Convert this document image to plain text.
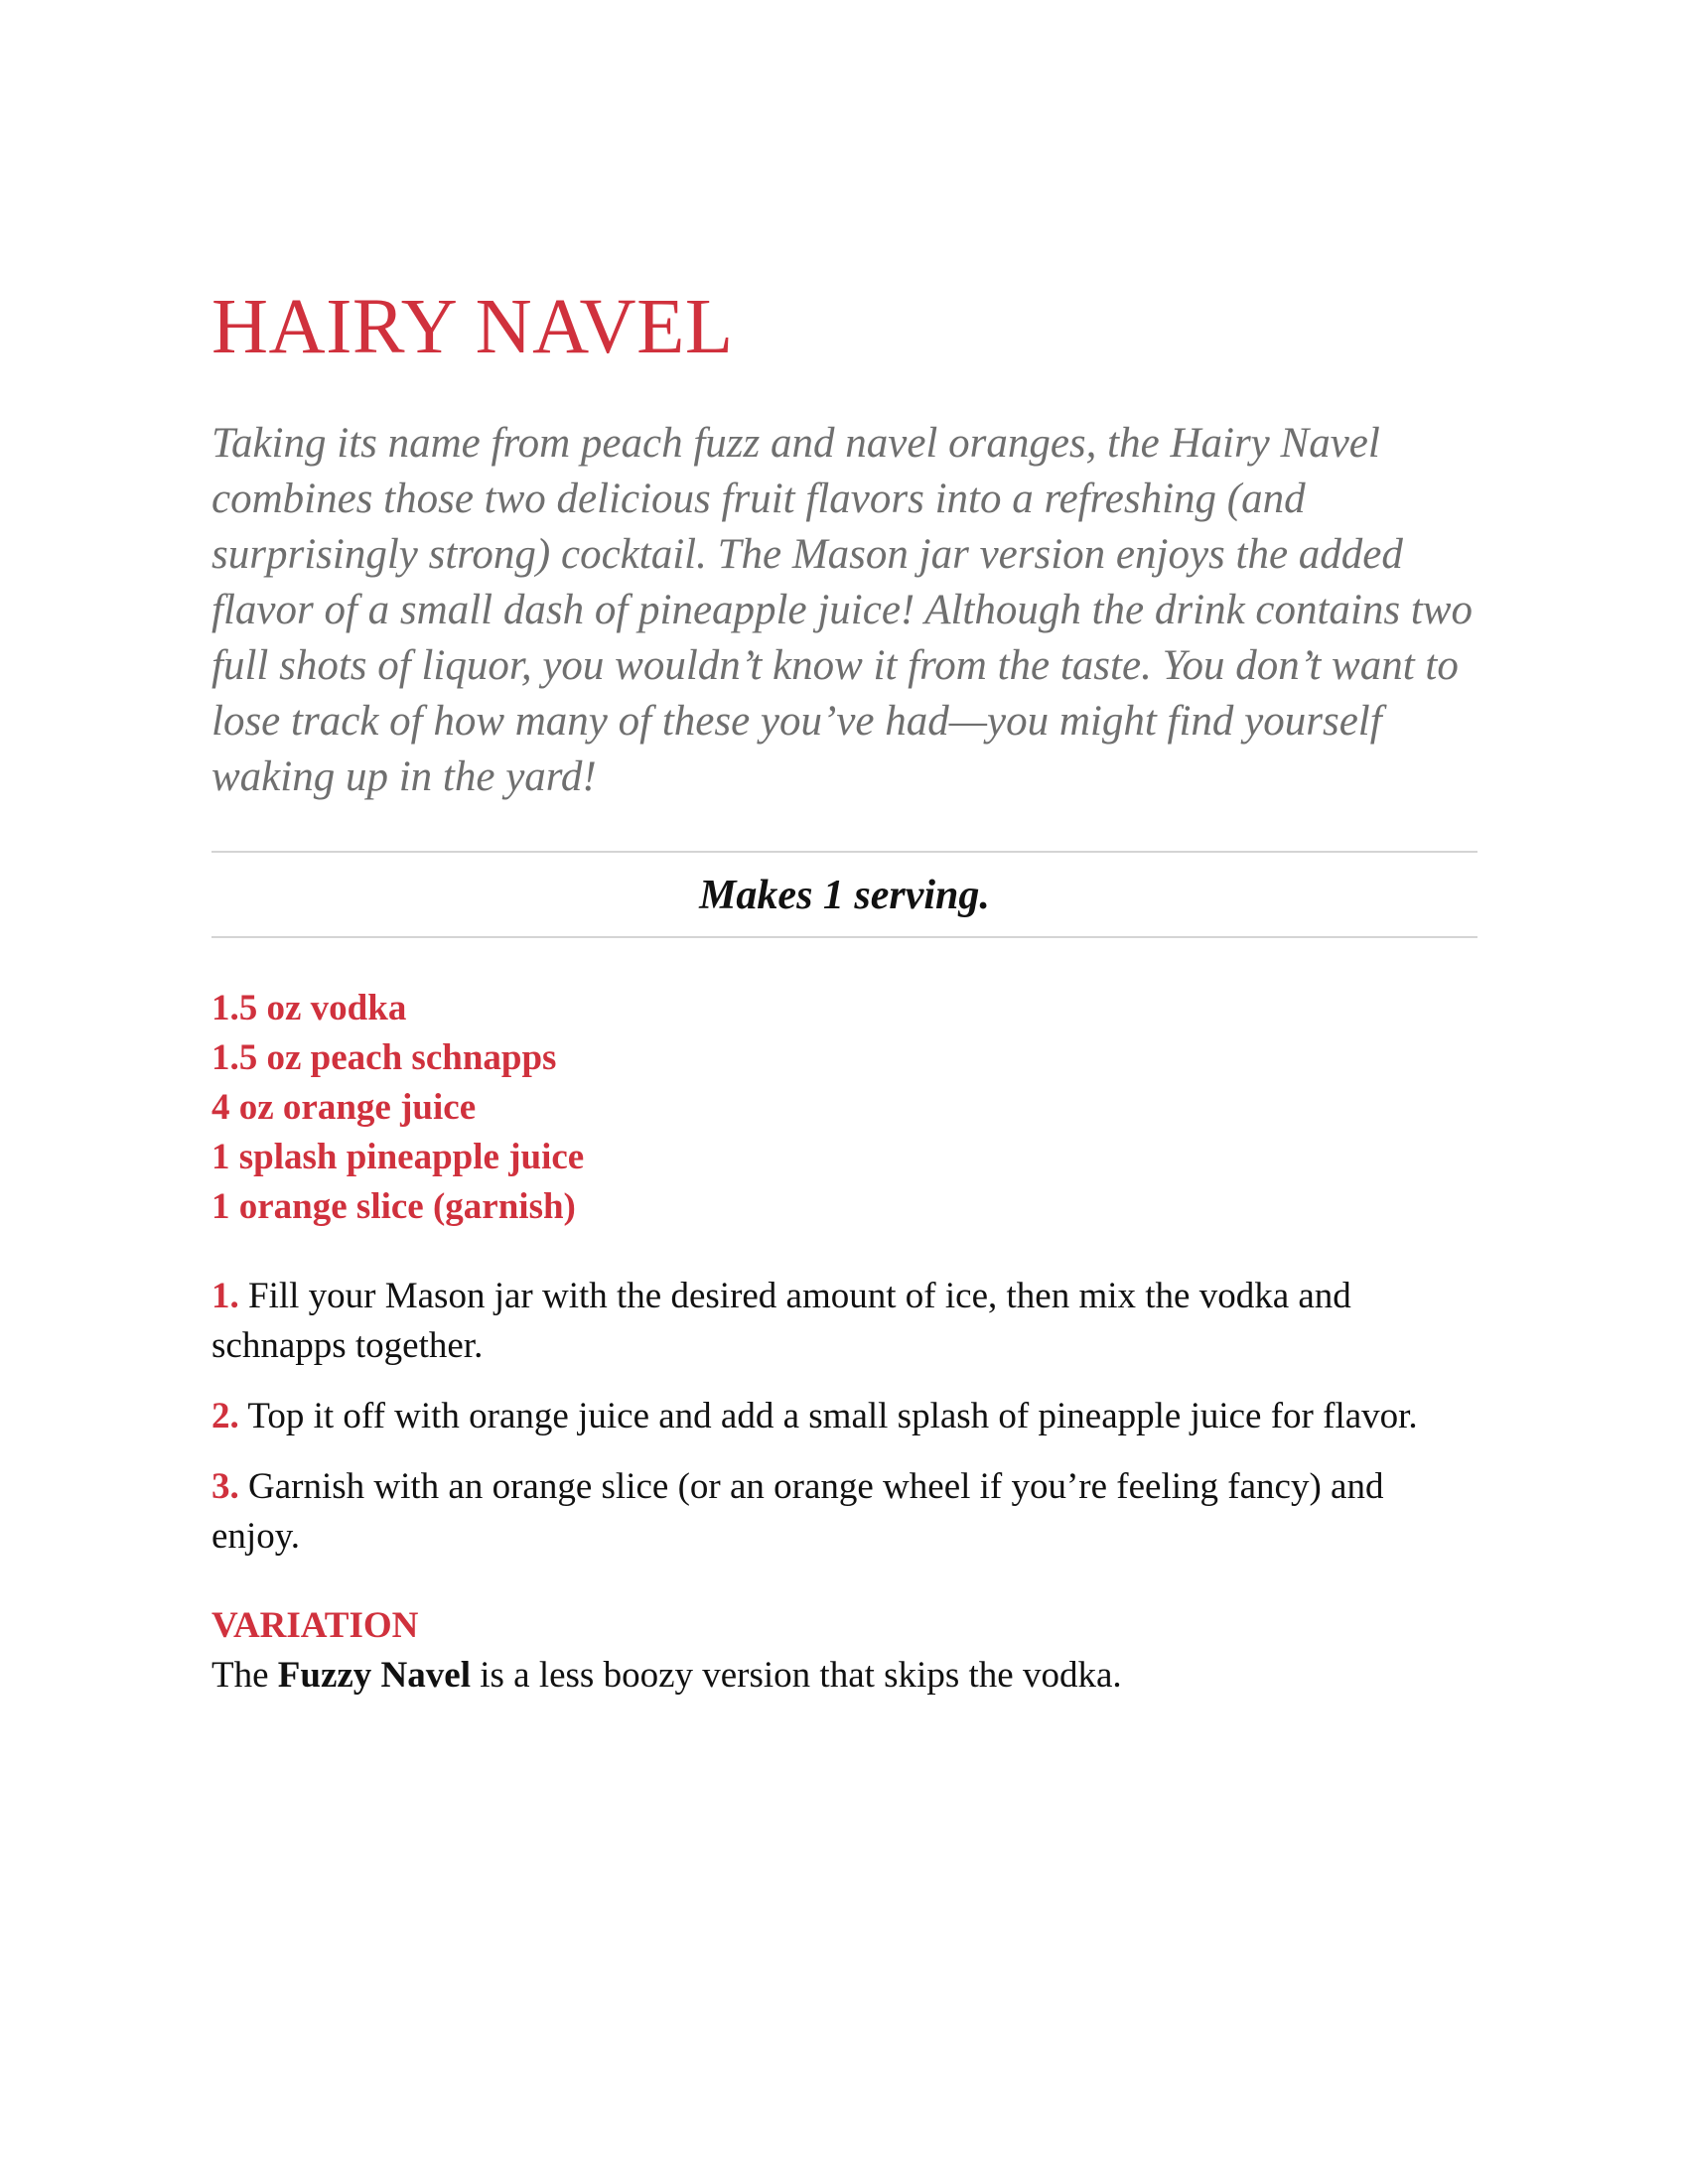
HAIRY NAVEL

Taking its name from peach fuzz and navel oranges, the Hairy Navel combines those two delicious fruit flavors into a refreshing (and surprisingly strong) cocktail. The Mason jar version enjoys the added flavor of a small dash of pineapple juice! Although the drink contains two full shots of liquor, you wouldn’t know it from the taste. You don’t want to lose track of how many of these you’ve had—you might find yourself waking up in the yard!

Makes 1 serving.

1.5 oz vodka
1.5 oz peach schnapps
4 oz orange juice
1 splash pineapple juice
1 orange slice (garnish)
1. Fill your Mason jar with the desired amount of ice, then mix the vodka and schnapps together.
2. Top it off with orange juice and add a small splash of pineapple juice for flavor.
3. Garnish with an orange slice (or an orange wheel if you’re feeling fancy) and enjoy.
VARIATION
The Fuzzy Navel is a less boozy version that skips the vodka.
